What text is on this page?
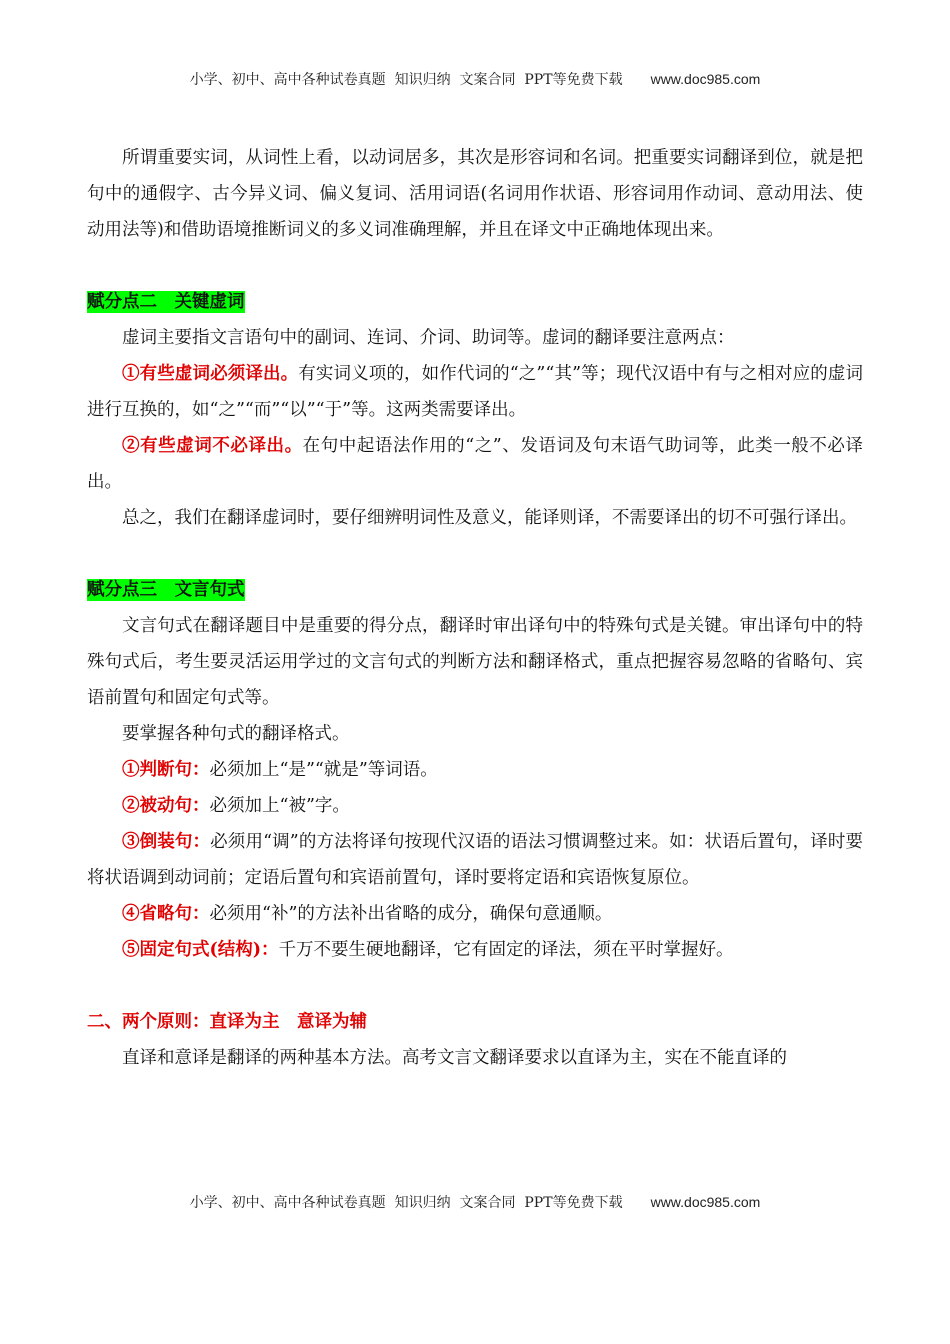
小学、初中、高中各种试卷真题  知识归纳  文案合同  PPT等免费下载 www.doc985.com

所谓重要实词，从词性上看，以动词居多，其次是形容词和名词。把重要实词翻译到位，就是把句中的通假字、古今异义词、偏义复词、活用词语(名词用作状语、形容词用作动词、意动用法、使动用法等)和借助语境推断词义的多义词准确理解，并且在译文中正确地体现出来。

赋分点二　关键虚词

虚词主要指文言语句中的副词、连词、介词、助词等。虚词的翻译要注意两点：

①有些虚词必须译出。有实词义项的，如作代词的“之”“其”等；现代汉语中有与之相对应的虚词进行互换的，如“之”“而”“以”“于”等。这两类需要译出。

②有些虚词不必译出。在句中起语法作用的“之”、发语词及句末语气助词等，此类一般不必译出。

总之，我们在翻译虚词时，要仔细辨明词性及意义，能译则译，不需要译出的切不可强行译出。

赋分点三　文言句式

文言句式在翻译题目中是重要的得分点，翻译时审出译句中的特殊句式是关键。审出译句中的特殊句式后，考生要灵活运用学过的文言句式的判断方法和翻译格式，重点把握容易忽略的省略句、宾语前置句和固定句式等。

要掌握各种句式的翻译格式。

①判断句：必须加上“是”“就是”等词语。

②被动句：必须加上“被”字。

③倒装句：必须用“调”的方法将译句按现代汉语的语法习惯调整过来。如：状语后置句，译时要将状语调到动词前；定语后置句和宾语前置句，译时要将定语和宾语恢复原位。

④省略句：必须用“补”的方法补出省略的成分，确保句意通顺。

⑤固定句式(结构)：千万不要生硬地翻译，它有固定的译法，须在平时掌握好。

二、两个原则：直译为主　意译为辅

直译和意译是翻译的两种基本方法。高考文言文翻译要求以直译为主，实在不能直译的

小学、初中、高中各种试卷真题  知识归纳  文案合同  PPT等免费下载 www.doc985.com
